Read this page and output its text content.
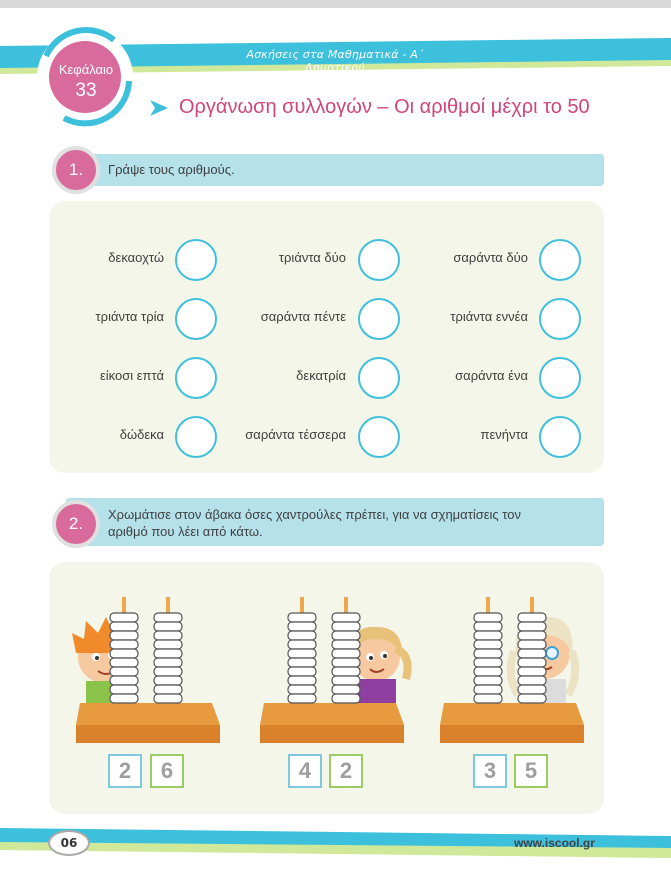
Ασκήσεις στα Μαθηματικά - Α΄ Δημοτικού
Κεφάλαιο
33
Οργάνωση συλλογών – Οι αριθμοί μέχρι το 50
1.	Γράψε τους αριθμούς.
δεκαοχτώ	τριάντα δύο	σαράντα δύο
τριάντα τρία	σαράντα πέντε	τριάντα εννέα
είκοσι επτά	δεκατρία	σαράντα ένα
δώδεκα	σαράντα τέσσερα	πενήντα
2.	Χρωμάτισε στον άβακα όσες χαντρούλες πρέπει, για να σχηματίσεις τον
αριθμό που λέει από κάτω.
2	6	4	2	3	5
06	www.iscool.gr
